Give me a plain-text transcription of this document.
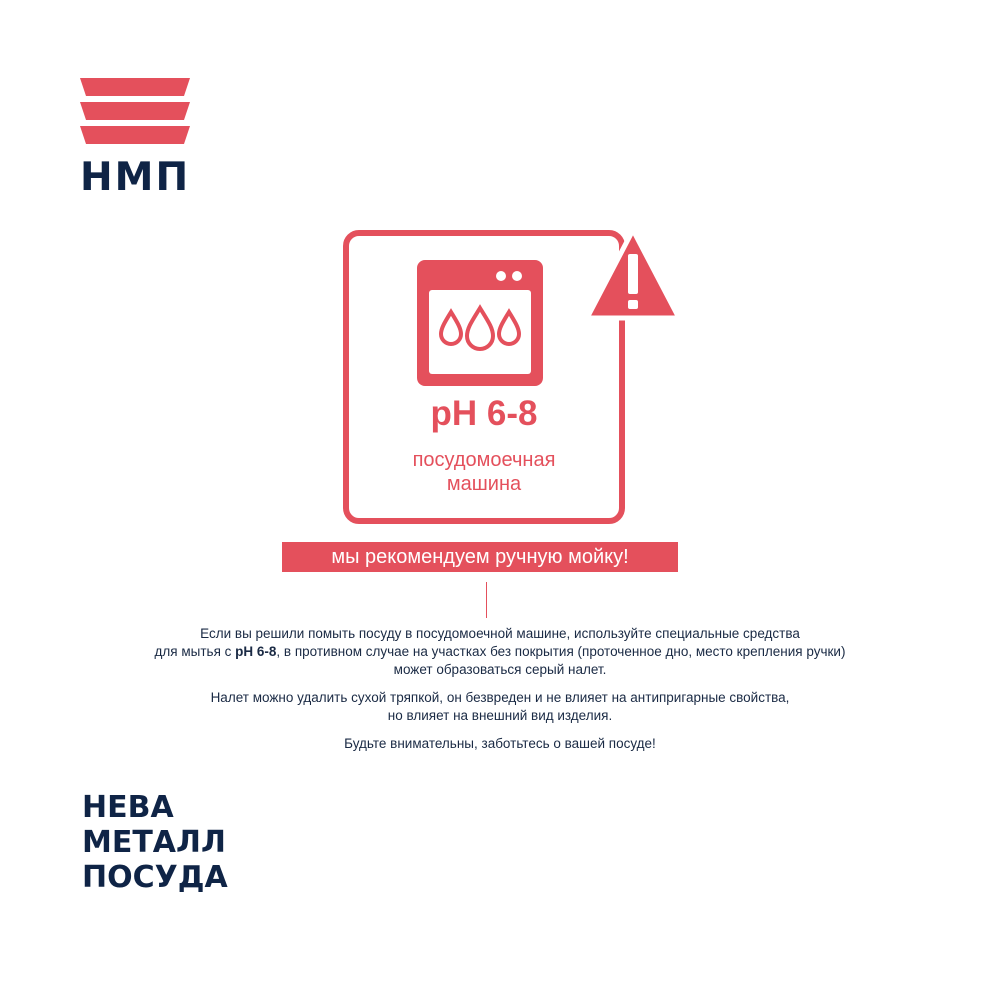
НМП
pH 6-8
посудомоечная
машина
мы рекомендуем ручную мойку!

Если вы решили помыть посуду в посудомоечной машине, используйте специальные средства
для мытья с pH 6-8, в противном случае на участках без покрытия (проточенное дно, место крепления ручки)
может образоваться серый налет.

Налет можно удалить сухой тряпкой, он безвреден и не влияет на антипригарные свойства,
но влияет на внешний вид изделия.

Будьте внимательны, заботьтесь о вашей посуде!

НЕВА
МЕТАЛЛ
ПОСУДА
